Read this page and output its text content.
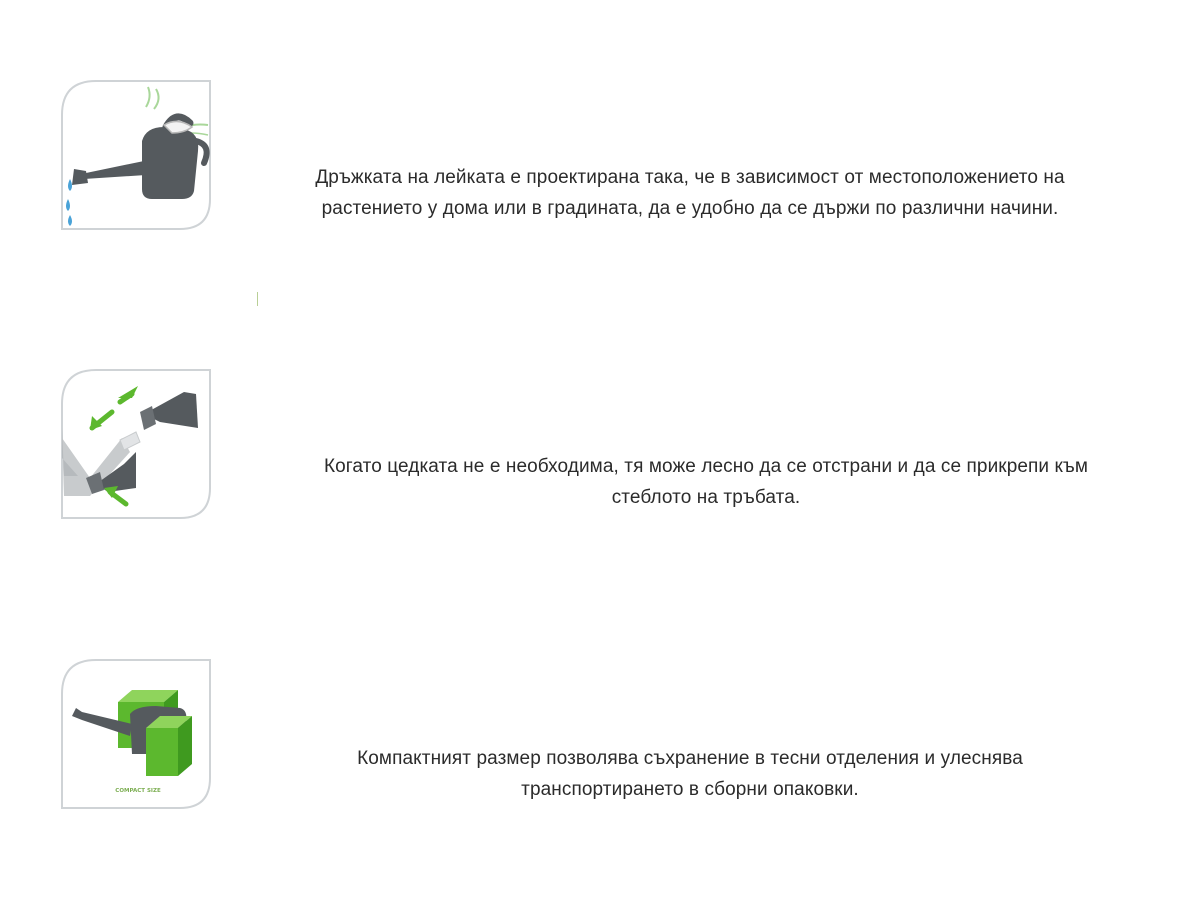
Дръжката на лейката е проектирана така, че в зависимост от местоположението на
растението у дома или в градината, да е удобно да се държи по различни начини.
Когато цедката не е необходима, тя може лесно да се отстрани и да се прикрепи към
стеблото на тръбата.
COMPACT SIZE
Компактният размер позволява съхранение в тесни отделения и улеснява
транспортирането в сборни опаковки.
